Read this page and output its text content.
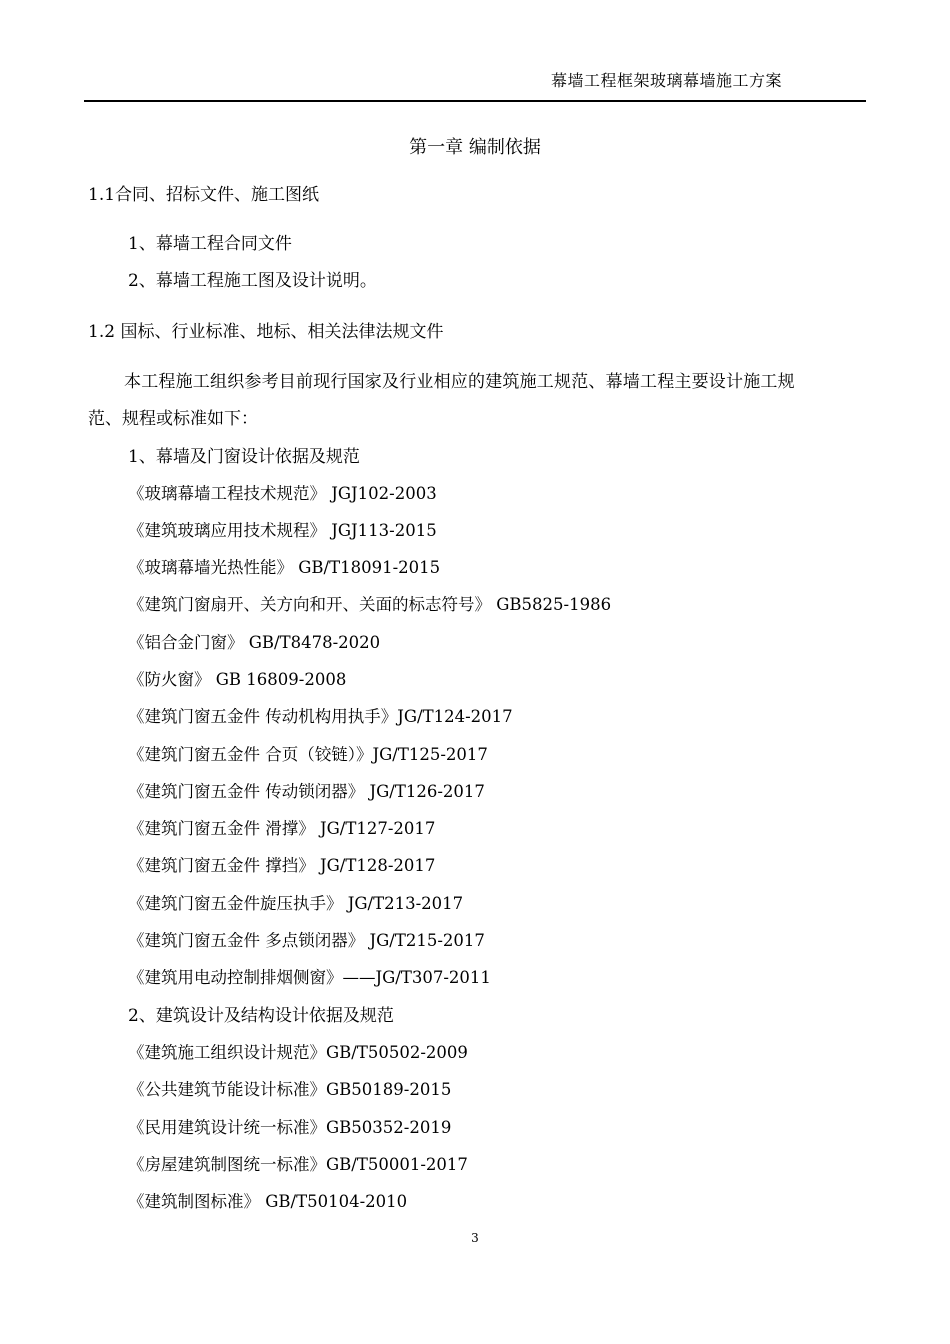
幕墙工程框架玻璃幕墙施工方案
第一章 编制依据
1.1合同、招标文件、施工图纸
1、幕墙工程合同文件
2、幕墙工程施工图及设计说明。
1.2 国标、行业标准、地标、相关法律法规文件
本工程施工组织参考目前现行国家及行业相应的建筑施工规范、幕墙工程主要设计施工规
范、规程或标准如下：
1、幕墙及门窗设计依据及规范
《玻璃幕墙工程技术规范》 JGJ102-2003
《建筑玻璃应用技术规程》 JGJ113-2015
《玻璃幕墙光热性能》 GB/T18091-2015
《建筑门窗扇开、关方向和开、关面的标志符号》 GB5825-1986
《铝合金门窗》 GB/T8478-2020
《防火窗》 GB 16809-2008
《建筑门窗五金件 传动机构用执手》JG/T124-2017
《建筑门窗五金件 合页（铰链）》JG/T125-2017
《建筑门窗五金件 传动锁闭器》 JG/T126-2017
《建筑门窗五金件 滑撑》 JG/T127-2017
《建筑门窗五金件 撑挡》 JG/T128-2017
《建筑门窗五金件旋压执手》 JG/T213-2017
《建筑门窗五金件 多点锁闭器》 JG/T215-2017
《建筑用电动控制排烟侧窗》——JG/T307-2011
2、建筑设计及结构设计依据及规范
《建筑施工组织设计规范》GB/T50502-2009
《公共建筑节能设计标准》GB50189-2015
《民用建筑设计统一标准》GB50352-2019
《房屋建筑制图统一标准》GB/T50001-2017
《建筑制图标准》 GB/T50104-2010
3
